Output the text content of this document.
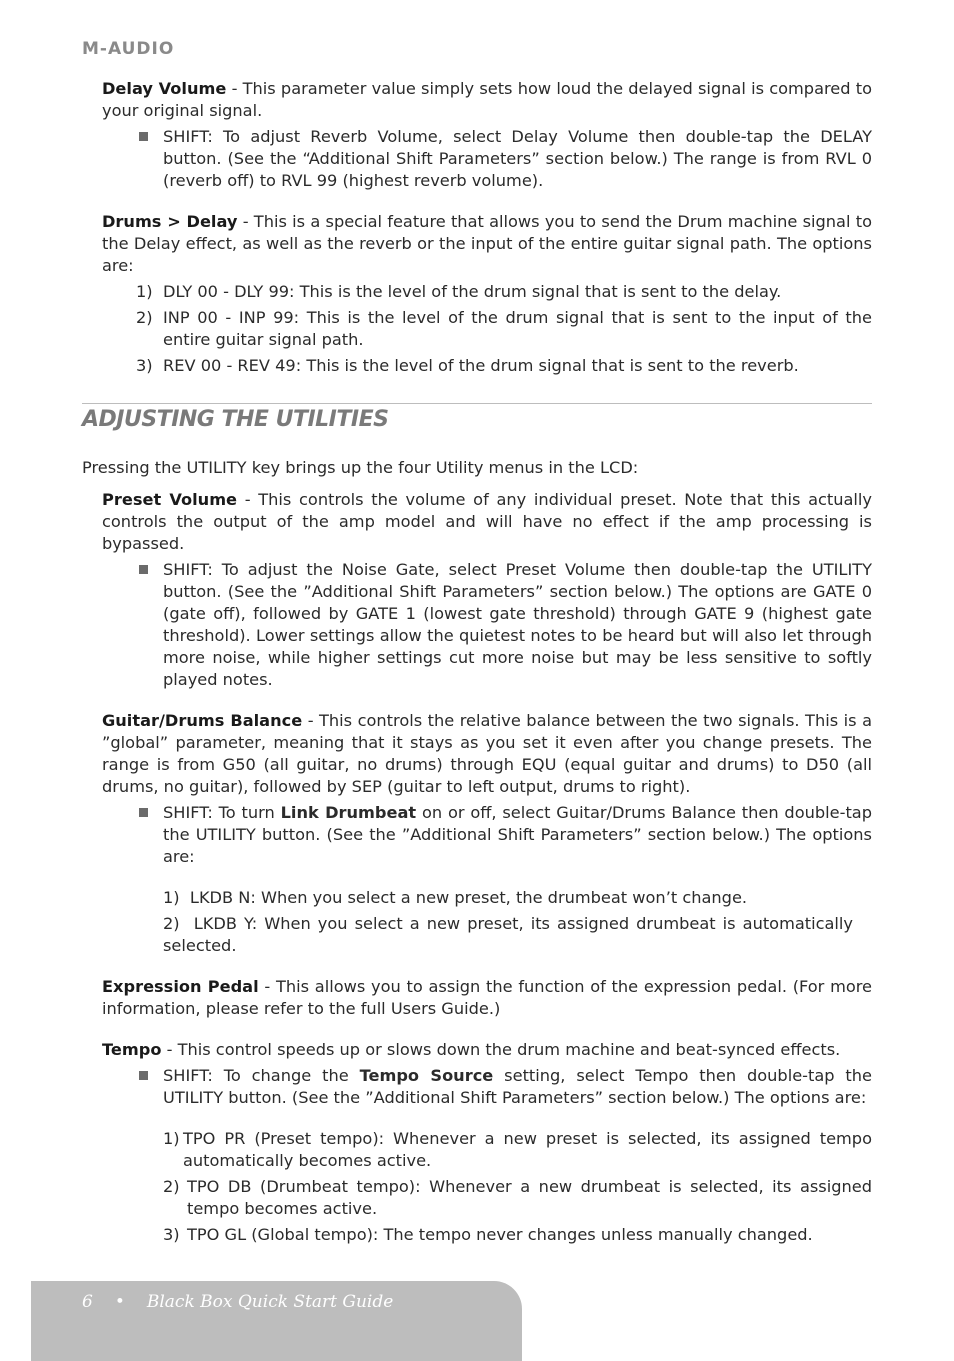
M-AUDIO
Delay Volume - This parameter value simply sets how loud the delayed signal is compared to your original signal.
SHIFT: To adjust Reverb Volume, select Delay Volume then double-tap the DELAY button. (See the “Additional Shift Parameters” section below.) The range is from RVL 0 (reverb off) to RVL 99 (highest reverb volume).
Drums > Delay - This is a special feature that allows you to send the Drum machine signal to the Delay effect, as well as the reverb or the input of the entire guitar signal path. The options are:
1) DLY 00 - DLY 99: This is the level of the drum signal that is sent to the delay.
2) INP 00 - INP 99: This is the level of the drum signal that is sent to the input of the entire guitar signal path.
3) REV 00 - REV 49: This is the level of the drum signal that is sent to the reverb.
ADJUSTING THE UTILITIES
Pressing the UTILITY key brings up the four Utility menus in the LCD:
Preset Volume - This controls the volume of any individual preset. Note that this actually controls the output of the amp model and will have no effect if the amp processing is bypassed.
SHIFT: To adjust the Noise Gate, select Preset Volume then double-tap the UTILITY button. (See the ”Additional Shift Parameters” section below.) The options are GATE 0 (gate off), followed by GATE 1 (lowest gate threshold) through GATE 9 (highest gate threshold). Lower settings allow the quietest notes to be heard but will also let through more noise, while higher settings cut more noise but may be less sensitive to softly played notes.
Guitar/Drums Balance - This controls the relative balance between the two signals. This is a ”global” parameter, meaning that it stays as you set it even after you change presets. The range is from G50 (all guitar, no drums) through EQU (equal guitar and drums) to D50 (all drums, no guitar), followed by SEP (guitar to left output, drums to right).
SHIFT: To turn Link Drumbeat on or off, select Guitar/Drums Balance then double-tap the UTILITY button. (See the ”Additional Shift Parameters” section below.) The options are:
1) LKDB N: When you select a new preset, the drumbeat won’t change.
2) LKDB Y: When you select a new preset, its assigned drumbeat is automatically selected.
Expression Pedal - This allows you to assign the function of the expression pedal. (For more information, please refer to the full Users Guide.)
Tempo - This control speeds up or slows down the drum machine and beat-synced effects.
SHIFT: To change the Tempo Source setting, select Tempo then double-tap the UTILITY button. (See the ”Additional Shift Parameters” section below.) The options are:
1) TPO PR (Preset tempo): Whenever a new preset is selected, its assigned tempo automatically becomes active.
2) TPO DB (Drumbeat tempo): Whenever a new drumbeat is selected, its assigned tempo becomes active.
3) TPO GL (Global tempo): The tempo never changes unless manually changed.
6 • Black Box Quick Start Guide
